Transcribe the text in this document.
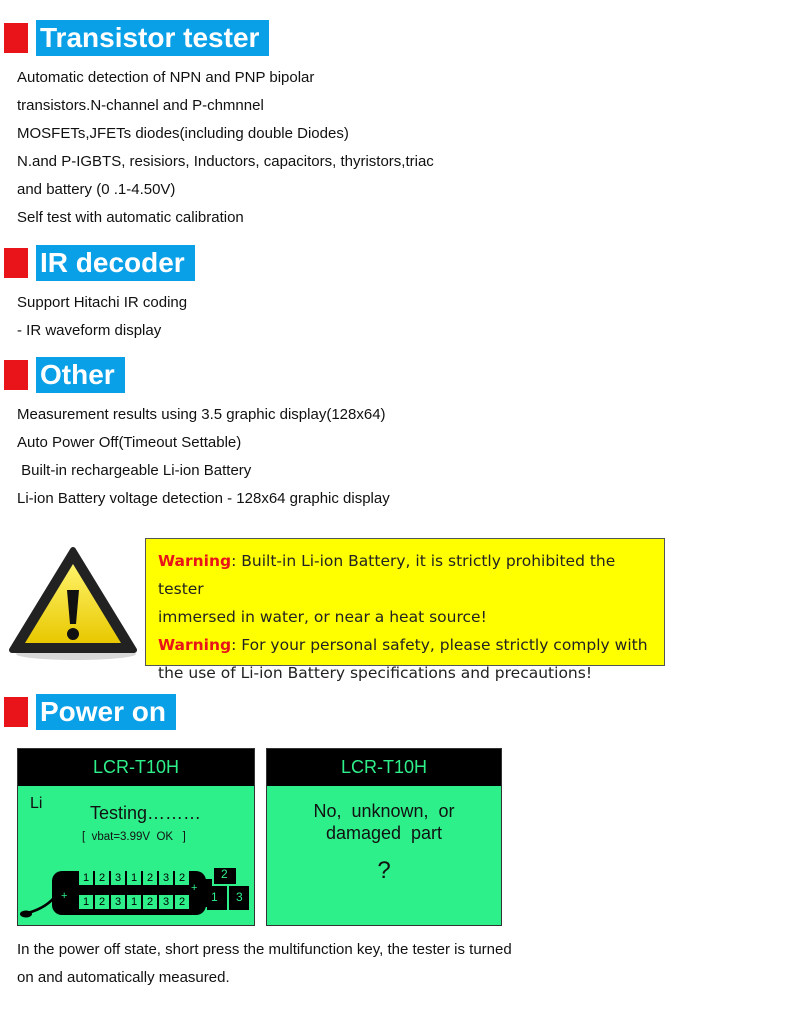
Transistor tester
Automatic detection of NPN and PNP bipolar
transistors.N-channel and P-chmnnel
MOSFETs,JFETs diodes(including double Diodes)
N.and P-IGBTS, resisiors, Inductors, capacitors, thyristors,triac
and battery (0 .1-4.50V)
Self test with automatic calibration
IR decoder
Support Hitachi IR coding
- IR waveform display
Other
Measurement results using 3.5 graphic display(128x64)
Auto Power Off(Timeout Settable)
Built-in rechargeable Li-ion Battery
Li-ion Battery voltage detection - 128x64 graphic display
Warning: Built-in Li-ion Battery, it is strictly prohibited the tester
immersed in water, or near a heat source!
Warning: For your personal safety, please strictly comply with
the use of Li-ion Battery specifications and precautions!
Power on
LCR-T10H
Li	Testing………
[  vbat=3.99V  OK   ]
+
+
1 2 3 1 2 3 2
1 2 3 1 2 3 2
2
1 3
LCR-T10H
No,  unknown,  or
damaged  part
?
In the power off state, short press the multifunction key, the tester is turned
on and automatically measured.
